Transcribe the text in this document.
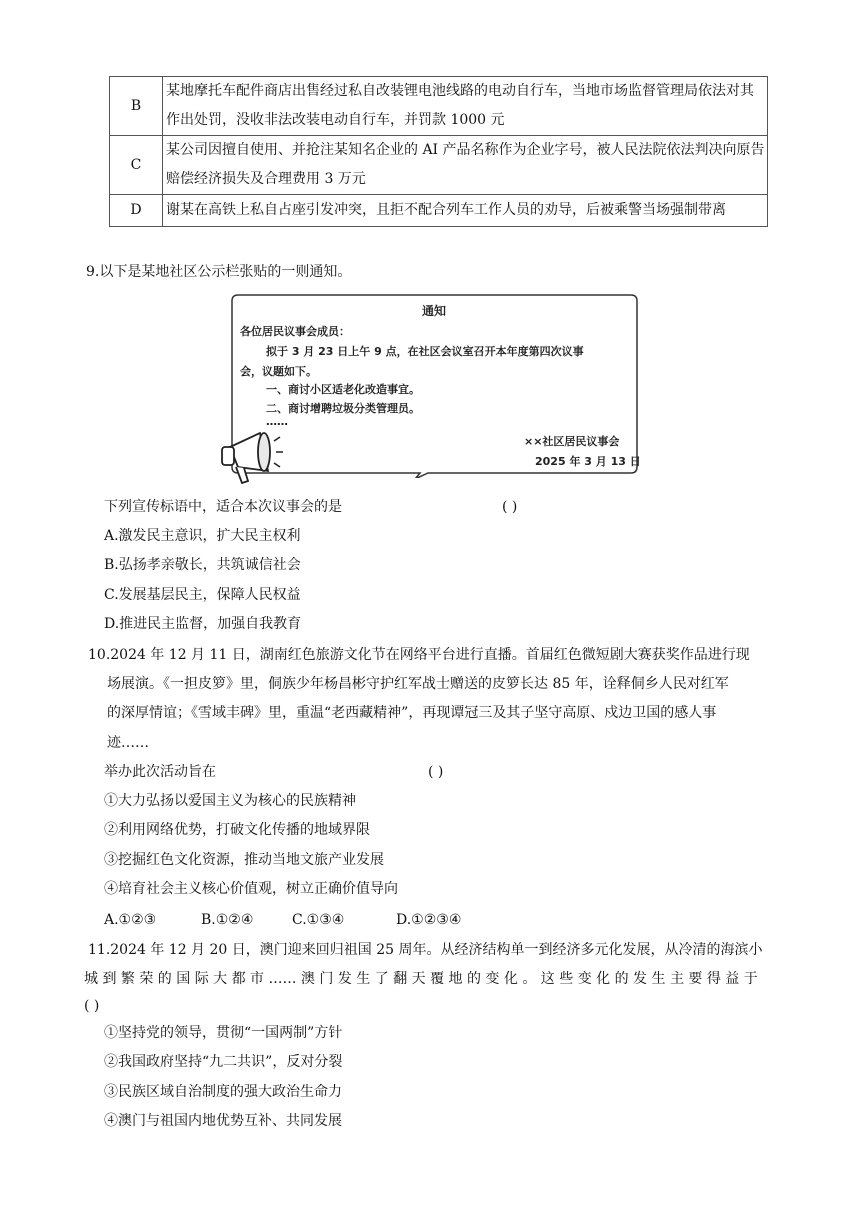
B	某地摩托车配件商店出售经过私自改装锂电池线路的电动自行车，当地市场监督管理局依法对其作出处罚，没收非法改装电动自行车，并罚款 1000 元
C	某公司因擅自使用、并抢注某知名企业的 AI 产品名称作为企业字号，被人民法院依法判决向原告赔偿经济损失及合理费用 3 万元
D	谢某在高铁上私自占座引发冲突，且拒不配合列车工作人员的劝导，后被乘警当场强制带离
9.以下是某地社区公示栏张贴的一则通知。
通知
各位居民议事会成员：
拟于 3 月 23 日上午 9 点，在社区会议室召开本年度第四次议事
会，议题如下。
一、商讨小区适老化改造事宜。
二、商讨增聘垃圾分类管理员。
……
××社区居民议事会
2025 年 3 月 13 日
下列宣传标语中，适合本次议事会的是	( )
A.激发民主意识，扩大民主权利
B.弘扬孝亲敬长，共筑诚信社会
C.发展基层民主，保障人民权益
D.推进民主监督，加强自我教育
10.2024 年 12 月 11 日，湖南红色旅游文化节在网络平台进行直播。首届红色微短剧大赛获奖作品进行现
场展演。《一担皮箩》里，侗族少年杨昌彬守护红军战士赠送的皮箩长达 85 年，诠释侗乡人民对红军
的深厚情谊；《雪域丰碑》里，重温“老西藏精神”，再现谭冠三及其子坚守高原、戍边卫国的感人事
迹……
举办此次活动旨在	( )
①大力弘扬以爱国主义为核心的民族精神
②利用网络优势，打破文化传播的地域界限
③挖掘红色文化资源，推动当地文旅产业发展
④培育社会主义核心价值观，树立正确价值导向
A.①②③	B.①②④	C.①③④	D.①②③④
11.2024 年 12 月 20 日，澳门迎来回归祖国 25 周年。从经济结构单一到经济多元化发展，从冷清的海滨小
城 到 繁 荣 的 国 际 大 都 市 …… 澳 门 发 生 了 翻 天 覆 地 的 变 化 。 这 些 变 化 的 发 生 主 要 得 益 于
( )
①坚持党的领导，贯彻“一国两制”方针
②我国政府坚持“九二共识”，反对分裂
③民族区域自治制度的强大政治生命力
④澳门与祖国内地优势互补、共同发展
